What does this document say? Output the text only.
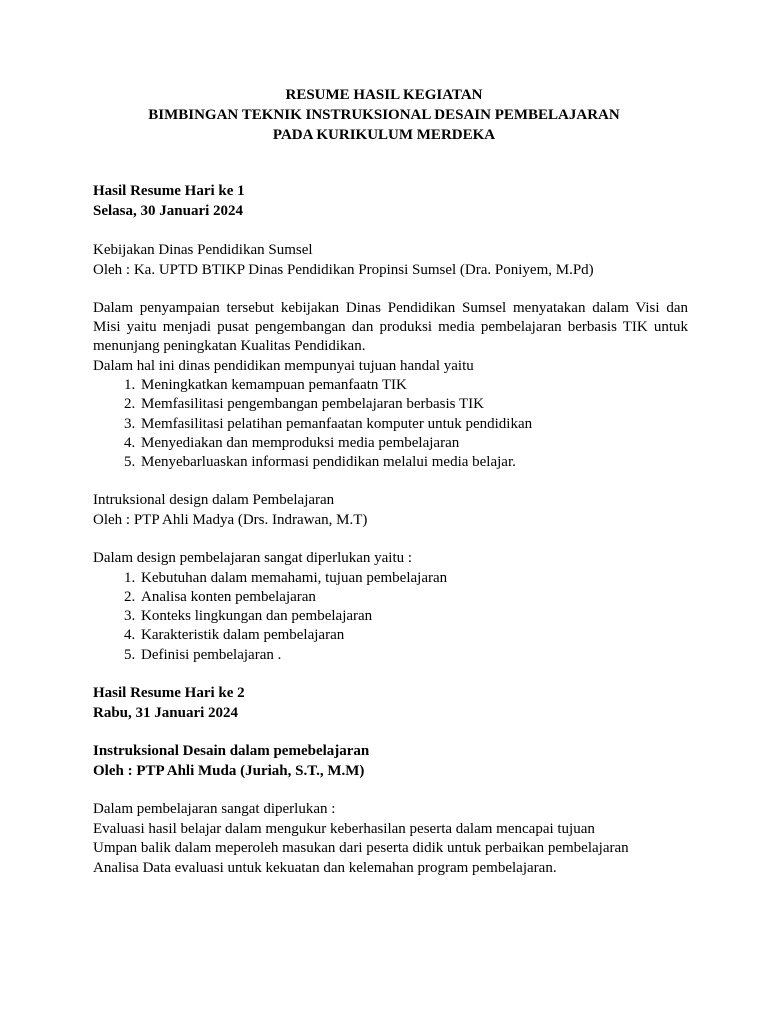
RESUME HASIL KEGIATAN
BIMBINGAN TEKNIK INSTRUKSIONAL DESAIN PEMBELAJARAN
PADA KURIKULUM MERDEKA
Hasil Resume Hari ke 1
Selasa, 30 Januari 2024
Kebijakan Dinas Pendidikan Sumsel
Oleh : Ka. UPTD BTIKP Dinas Pendidikan Propinsi Sumsel (Dra. Poniyem, M.Pd)
Dalam penyampaian tersebut kebijakan Dinas Pendidikan Sumsel menyatakan dalam Visi dan Misi yaitu menjadi pusat pengembangan dan produksi media pembelajaran berbasis TIK untuk menunjang peningkatan Kualitas Pendidikan.
Dalam hal ini dinas pendidikan mempunyai tujuan handal yaitu
1. Meningkatkan kemampuan pemanfaatn TIK
2. Memfasilitasi pengembangan pembelajaran berbasis TIK
3. Memfasilitasi pelatihan pemanfaatan komputer untuk pendidikan
4. Menyediakan dan memproduksi media pembelajaran
5. Menyebarluaskan informasi pendidikan melalui media belajar.
Intruksional design dalam Pembelajaran
Oleh : PTP Ahli Madya (Drs. Indrawan, M.T)
Dalam design pembelajaran sangat diperlukan yaitu :
1. Kebutuhan dalam memahami, tujuan pembelajaran
2. Analisa konten pembelajaran
3. Konteks lingkungan dan pembelajaran
4. Karakteristik dalam pembelajaran
5. Definisi pembelajaran .
Hasil Resume Hari ke 2
Rabu, 31 Januari 2024
Instruksional Desain dalam pemebelajaran
Oleh : PTP Ahli Muda (Juriah, S.T., M.M)
Dalam pembelajaran sangat diperlukan :
Evaluasi hasil belajar dalam mengukur keberhasilan peserta dalam mencapai tujuan
Umpan balik dalam meperoleh masukan dari peserta didik untuk perbaikan pembelajaran
Analisa Data evaluasi untuk kekuatan dan kelemahan program pembelajaran.
